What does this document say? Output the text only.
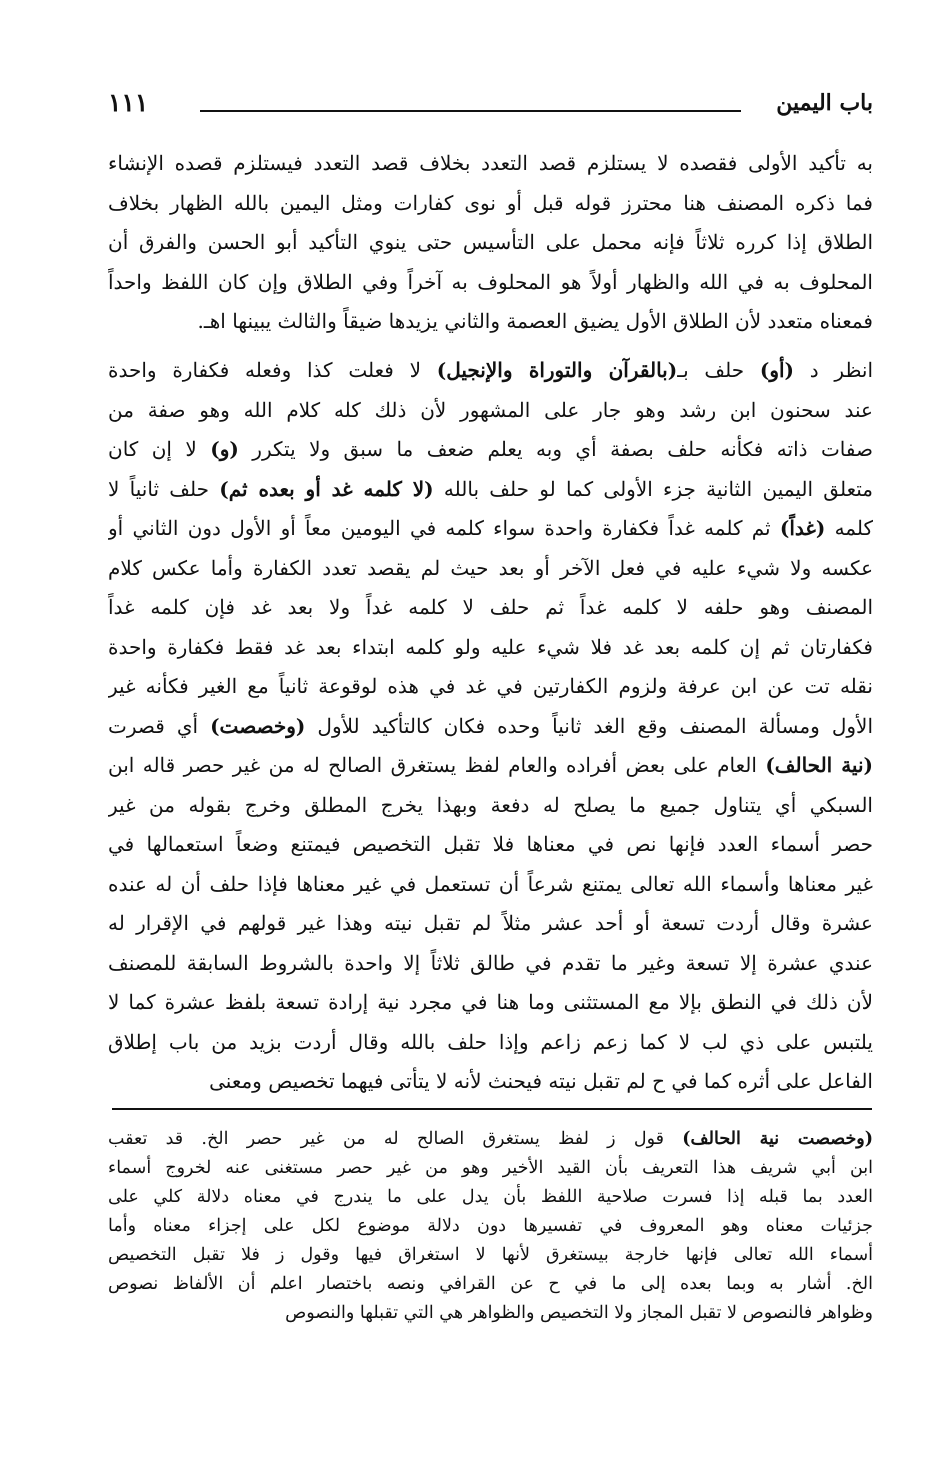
باب اليمين
١١١
به تأكيد الأولى فقصده لا يستلزم قصد التعدد بخلاف قصد التعدد فيستلزم قصده الإنشاء
فما ذكره المصنف هنا محترز قوله قبل أو نوى كفارات ومثل اليمين بالله الظهار بخلاف
الطلاق إذا كرره ثلاثاً فإنه محمل على التأسيس حتى ينوي التأكيد أبو الحسن والفرق أن
المحلوف به في الله والظهار أولاً هو المحلوف به آخراً وفي الطلاق وإن كان اللفظ واحداً
فمعناه متعدد لأن الطلاق الأول يضيق العصمة والثاني يزيدها ضيقاً والثالث يبينها اهـ.
انظر د (أو) حلف بـ(بالقرآن والتوراة والإنجيل) لا فعلت كذا وفعله فكفارة واحدة
عند سحنون ابن رشد وهو جار على المشهور لأن ذلك كله كلام الله وهو صفة من
صفات ذاته فكأنه حلف بصفة أي وبه يعلم ضعف ما سبق ولا يتكرر (و) لا إن كان
متعلق اليمين الثانية جزء الأولى كما لو حلف بالله (لا كلمه غد أو بعده ثم) حلف ثانياً لا
كلمه (غداً) ثم كلمه غداً فكفارة واحدة سواء كلمه في اليومين معاً أو الأول دون الثاني أو
عكسه ولا شيء عليه في فعل الآخر أو بعد حيث لم يقصد تعدد الكفارة وأما عكس كلام
المصنف وهو حلفه لا كلمه غداً ثم حلف لا كلمه غداً ولا بعد غد فإن كلمه غداً
فكفارتان ثم إن كلمه بعد غد فلا شيء عليه ولو كلمه ابتداء بعد غد فقط فكفارة واحدة
نقله تت عن ابن عرفة ولزوم الكفارتين في غد في هذه لوقوعة ثانياً مع الغير فكأنه غير
الأول ومسألة المصنف وقع الغد ثانياً وحده فكان كالتأكيد للأول (وخصصت) أي قصرت
(نية الحالف) العام على بعض أفراده والعام لفظ يستغرق الصالح له من غير حصر قاله ابن
السبكي أي يتناول جميع ما يصلح له دفعة وبهذا يخرج المطلق وخرج بقوله من غير
حصر أسماء العدد فإنها نص في معناها فلا تقبل التخصيص فيمتنع وضعاً استعمالها في
غير معناها وأسماء الله تعالى يمتنع شرعاً أن تستعمل في غير معناها فإذا حلف أن له عنده
عشرة وقال أردت تسعة أو أحد عشر مثلاً لم تقبل نيته وهذا غير قولهم في الإقرار له
عندي عشرة إلا تسعة وغير ما تقدم في طالق ثلاثاً إلا واحدة بالشروط السابقة للمصنف
لأن ذلك في النطق بإلا مع المستثنى وما هنا في مجرد نية إرادة تسعة بلفظ عشرة كما لا
يلتبس على ذي لب لا كما زعم زاعم وإذا حلف بالله وقال أردت بزيد من باب إطلاق
الفاعل على أثره كما في ح لم تقبل نيته فيحنث لأنه لا يتأتى فيهما تخصيص ومعنى
(وخصصت نية الحالف) قول ز لفظ يستغرق الصالح له من غير حصر الخ. قد تعقب
ابن أبي شريف هذا التعريف بأن القيد الأخير وهو من غير حصر مستغنى عنه لخروج أسماء
العدد بما قبله إذا فسرت صلاحية اللفظ بأن يدل على ما يندرج في معناه دلالة كلي على
جزئيات معناه وهو المعروف في تفسيرها دون دلالة موضوع لكل على إجزاء معناه وأما
أسماء الله تعالى فإنها خارجة بيستغرق لأنها لا استغراق فيها وقول ز فلا تقبل التخصيص
الخ. أشار به وبما بعده إلى ما في ح عن القرافي ونصه باختصار اعلم أن الألفاظ نصوص
وظواهر فالنصوص لا تقبل المجاز ولا التخصيص والظواهر هي التي تقبلها والنصوص
